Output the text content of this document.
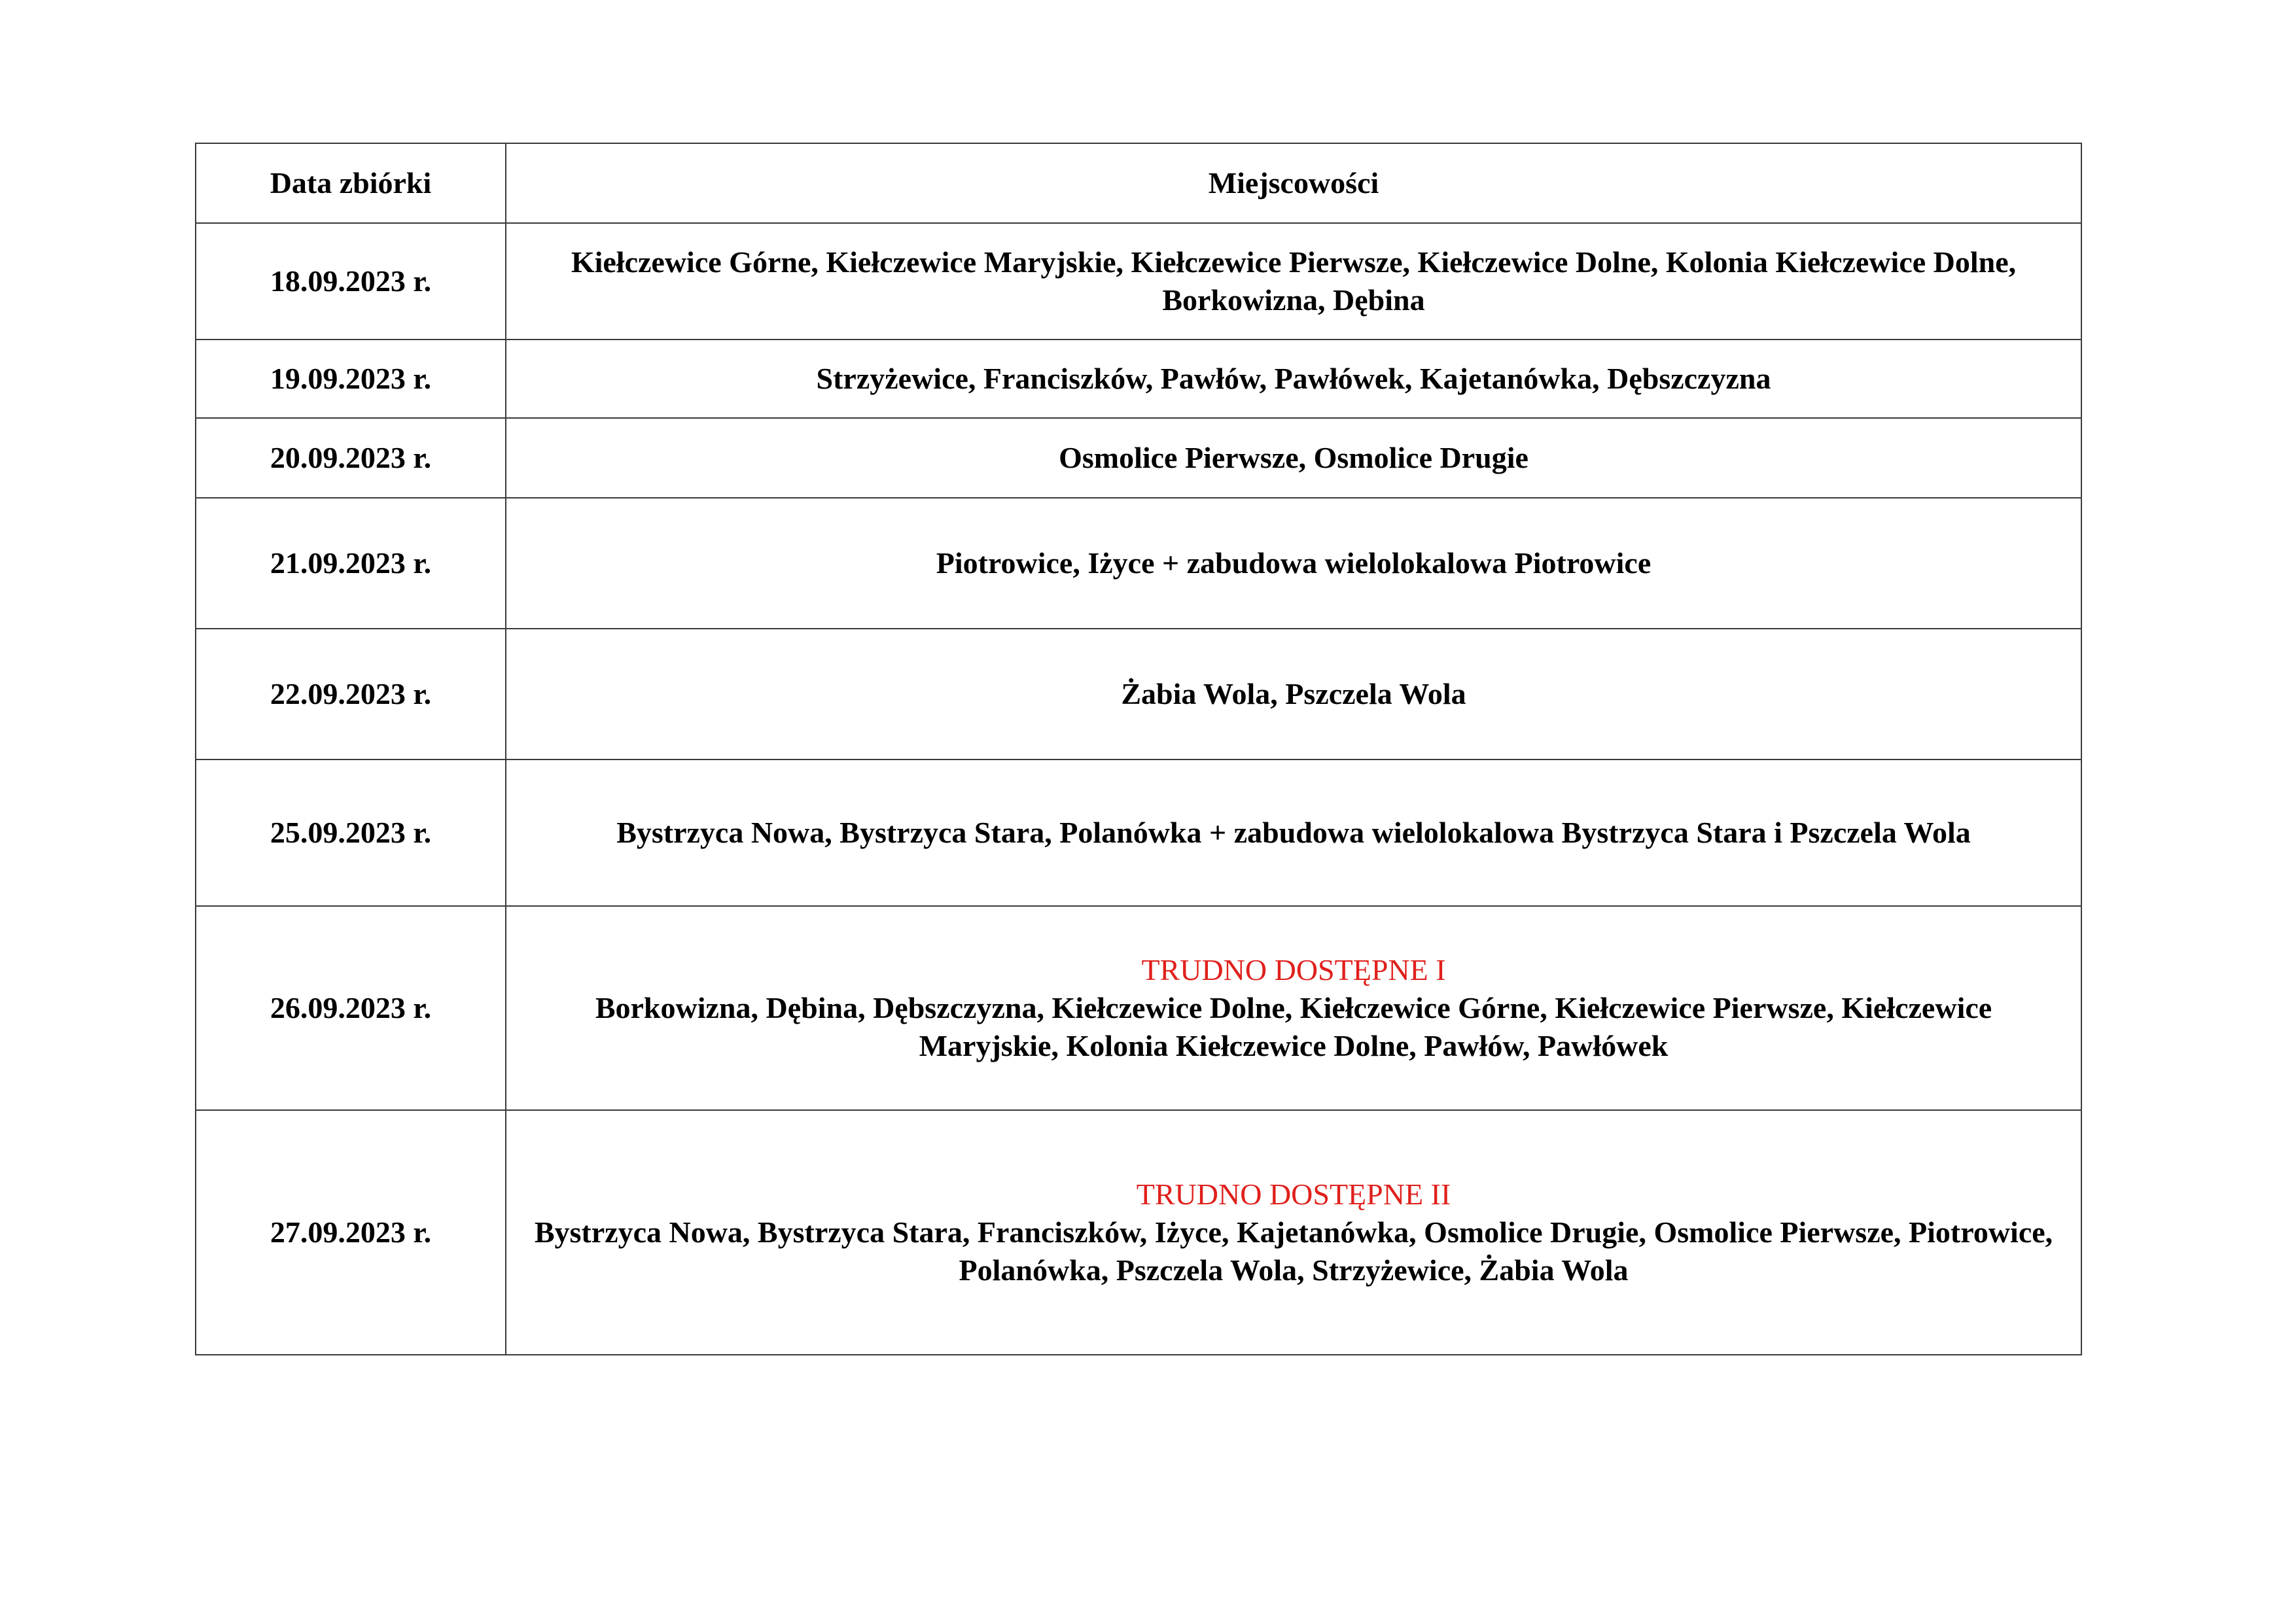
Data zbiórki	Miejscowości
18.09.2023 r.	Kiełczewice Górne, Kiełczewice Maryjskie, Kiełczewice Pierwsze, Kiełczewice Dolne, Kolonia Kiełczewice Dolne, Borkowizna, Dębina
19.09.2023 r.	Strzyżewice, Franciszków, Pawłów, Pawłówek, Kajetanówka, Dębszczyzna
20.09.2023 r.	Osmolice Pierwsze, Osmolice Drugie
21.09.2023 r.	Piotrowice, Iżyce + zabudowa wielolokalowa Piotrowice
22.09.2023 r.	Żabia Wola, Pszczela Wola
25.09.2023 r.	Bystrzyca Nowa, Bystrzyca Stara, Polanówka + zabudowa wielolokalowa Bystrzyca Stara i Pszczela Wola
26.09.2023 r.	TRUDNO DOSTĘPNE I
Borkowizna, Dębina, Dębszczyzna, Kiełczewice Dolne, Kiełczewice Górne, Kiełczewice Pierwsze, Kiełczewice Maryjskie, Kolonia Kiełczewice Dolne, Pawłów, Pawłówek
27.09.2023 r.	TRUDNO DOSTĘPNE II
Bystrzyca Nowa, Bystrzyca Stara, Franciszków, Iżyce, Kajetanówka, Osmolice Drugie, Osmolice Pierwsze, Piotrowice, Polanówka, Pszczela Wola, Strzyżewice, Żabia Wola
